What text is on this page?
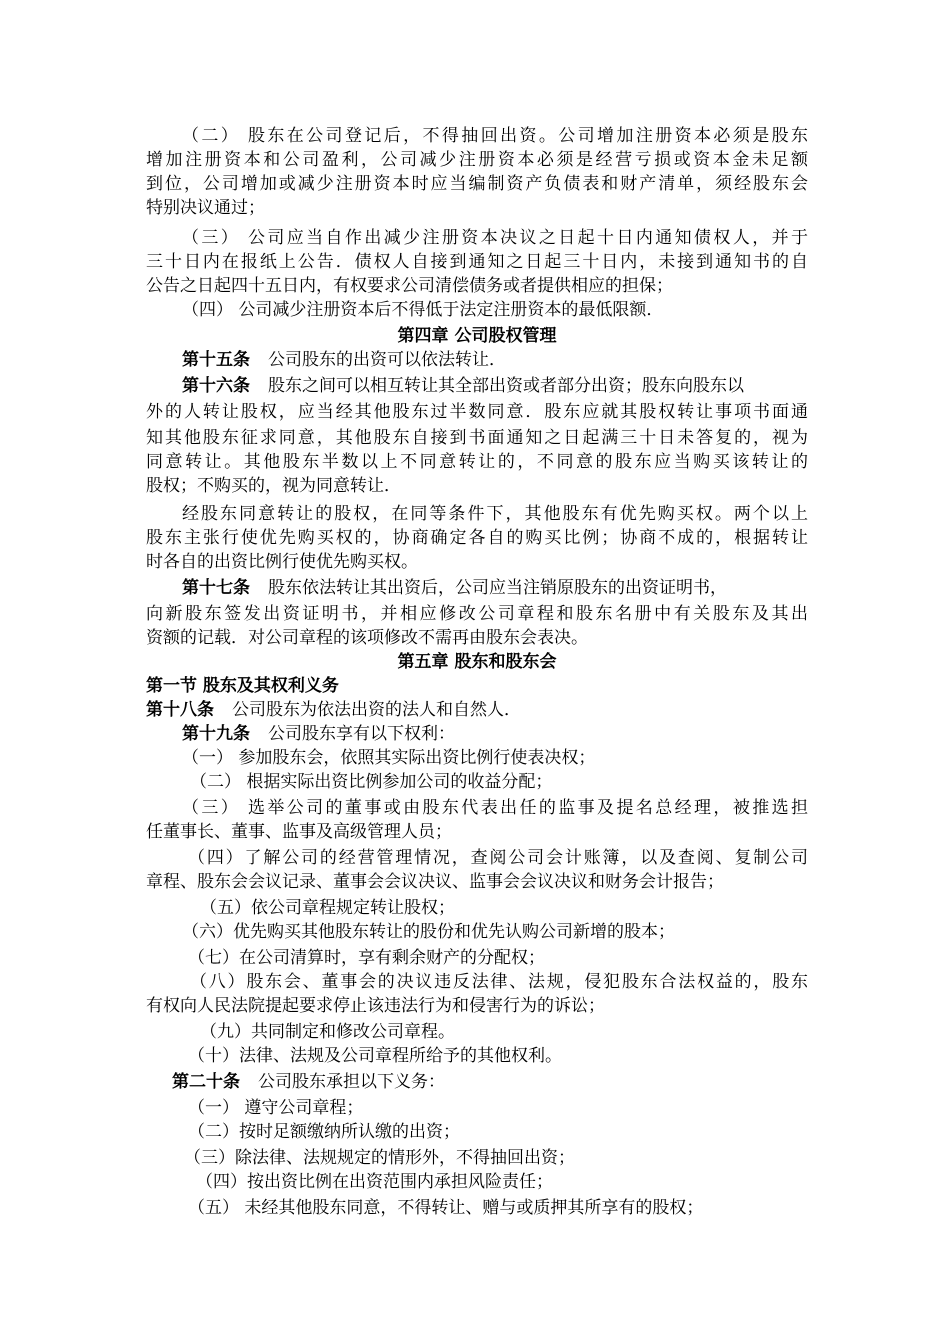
（二） 股东在公司登记后，不得抽回出资。公司增加注册资本必须是股东
增加注册资本和公司盈利，公司减少注册资本必须是经营亏损或资本金未足额
到位，公司增加或减少注册资本时应当编制资产负债表和财产清单，须经股东会
特别决议通过；
（三） 公司应当自作出减少注册资本决议之日起十日内通知债权人，并于
三十日内在报纸上公告．债权人自接到通知之日起三十日内，未接到通知书的自
公告之日起四十五日内，有权要求公司清偿债务或者提供相应的担保；
（四） 公司减少注册资本后不得低于法定注册资本的最低限额．
第四章 公司股权管理
第十五条 公司股东的出资可以依法转让．
第十六条 股东之间可以相互转让其全部出资或者部分出资；股东向股东以
外的人转让股权，应当经其他股东过半数同意．股东应就其股权转让事项书面通
知其他股东征求同意，其他股东自接到书面通知之日起满三十日未答复的，视为
同意转让。其他股东半数以上不同意转让的，不同意的股东应当购买该转让的
股权；不购买的，视为同意转让．
经股东同意转让的股权，在同等条件下，其他股东有优先购买权。两个以上
股东主张行使优先购买权的，协商确定各自的购买比例；协商不成的，根据转让
时各自的出资比例行使优先购买权。
第十七条 股东依法转让其出资后，公司应当注销原股东的出资证明书，
向新股东签发出资证明书，并相应修改公司章程和股东名册中有关股东及其出
资额的记载．对公司章程的该项修改不需再由股东会表决。
第五章 股东和股东会
第一节 股东及其权利义务
第十八条 公司股东为依法出资的法人和自然人．
第十九条 公司股东享有以下权利：
（一） 参加股东会，依照其实际出资比例行使表决权；
（二） 根据实际出资比例参加公司的收益分配；
（三） 选举公司的董事或由股东代表出任的监事及提名总经理，被推选担
任董事长、董事、监事及高级管理人员；
（四）了解公司的经营管理情况，查阅公司会计账簿，以及查阅、复制公司
章程、股东会会议记录、董事会会议决议、监事会会议决议和财务会计报告；
（五）依公司章程规定转让股权；
（六）优先购买其他股东转让的股份和优先认购公司新增的股本；
（七）在公司清算时，享有剩余财产的分配权；
（八）股东会、董事会的决议违反法律、法规，侵犯股东合法权益的，股东
有权向人民法院提起要求停止该违法行为和侵害行为的诉讼；
（九）共同制定和修改公司章程。
（十）法律、法规及公司章程所给予的其他权利。
第二十条 公司股东承担以下义务：
（一） 遵守公司章程；
（二）按时足额缴纳所认缴的出资；
（三）除法律、法规规定的情形外，不得抽回出资；
（四）按出资比例在出资范围内承担风险责任；
（五） 未经其他股东同意，不得转让、赠与或质押其所享有的股权；
